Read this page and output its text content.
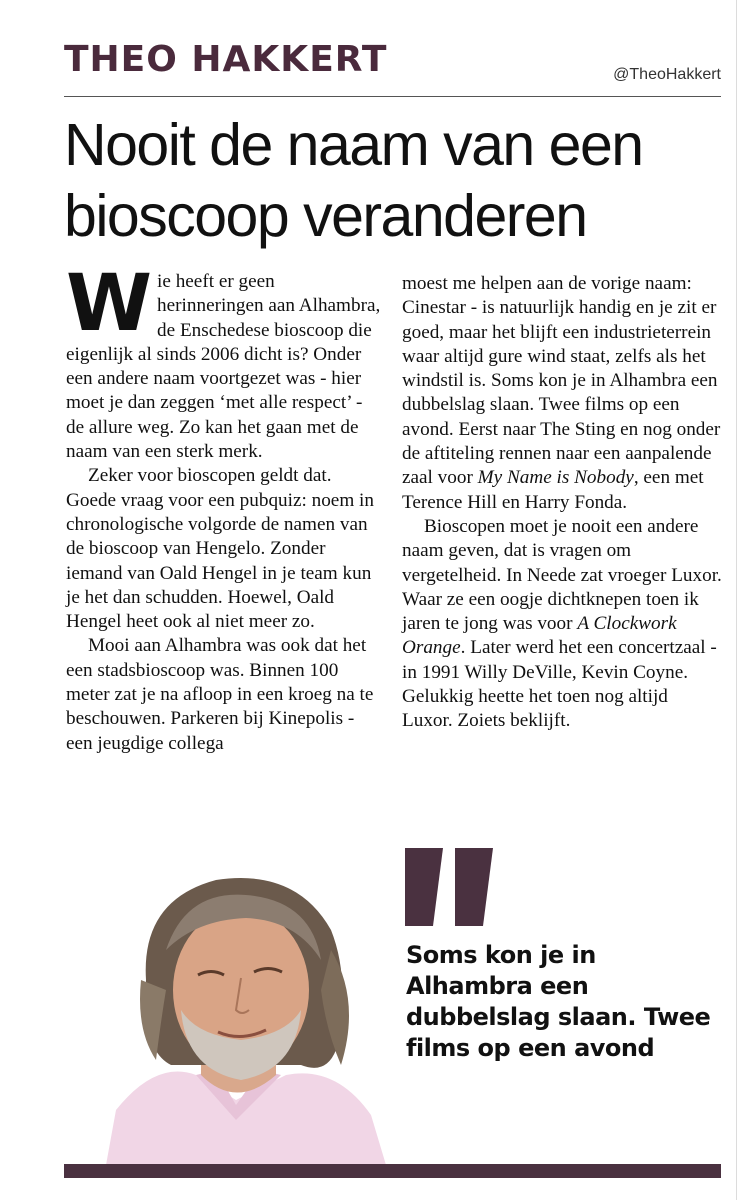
THEO HAKKERT	@TheoHakkert
Nooit de naam van een bioscoop veranderen

Wie heeft er geen herinneringen aan Alhambra, de Enschedese bioscoop die eigenlijk al sinds 2006 dicht is? Onder een andere naam voortgezet was - hier moet je dan zeggen ‘met alle respect’ - de allure weg. Zo kan het gaan met de naam van een sterk merk.

Zeker voor bioscopen geldt dat. Goede vraag voor een pubquiz: noem in chronologische volgorde de namen van de bioscoop van Hengelo. Zonder iemand van Oald Hengel in je team kun je het dan schudden. Hoewel, Oald Hengel heet ook al niet meer zo.

Mooi aan Alhambra was ook dat het een stadsbioscoop was. Binnen 100 meter zat je na afloop in een kroeg na te beschouwen. Parkeren bij Kinepolis - een jeugdige collega

moest me helpen aan de vorige naam: Cinestar - is natuurlijk handig en je zit er goed, maar het blijft een industrieterrein waar altijd gure wind staat, zelfs als het windstil is. Soms kon je in Alhambra een dubbelslag slaan. Twee films op een avond. Eerst naar The Sting en nog onder de aftiteling rennen naar een aanpalende zaal voor My Name is Nobody, een met Terence Hill en Harry Fonda.

Bioscopen moet je nooit een andere naam geven, dat is vragen om vergetelheid. In Neede zat vroeger Luxor. Waar ze een oogje dichtknepen toen ik jaren te jong was voor A Clockwork Orange. Later werd het een concertzaal - in 1991 Willy DeVille, Kevin Coyne. Gelukkig heette het toen nog altijd Luxor. Zoiets beklijft.

Soms kon je in Alhambra een dubbelslag slaan. Twee films op een avond
